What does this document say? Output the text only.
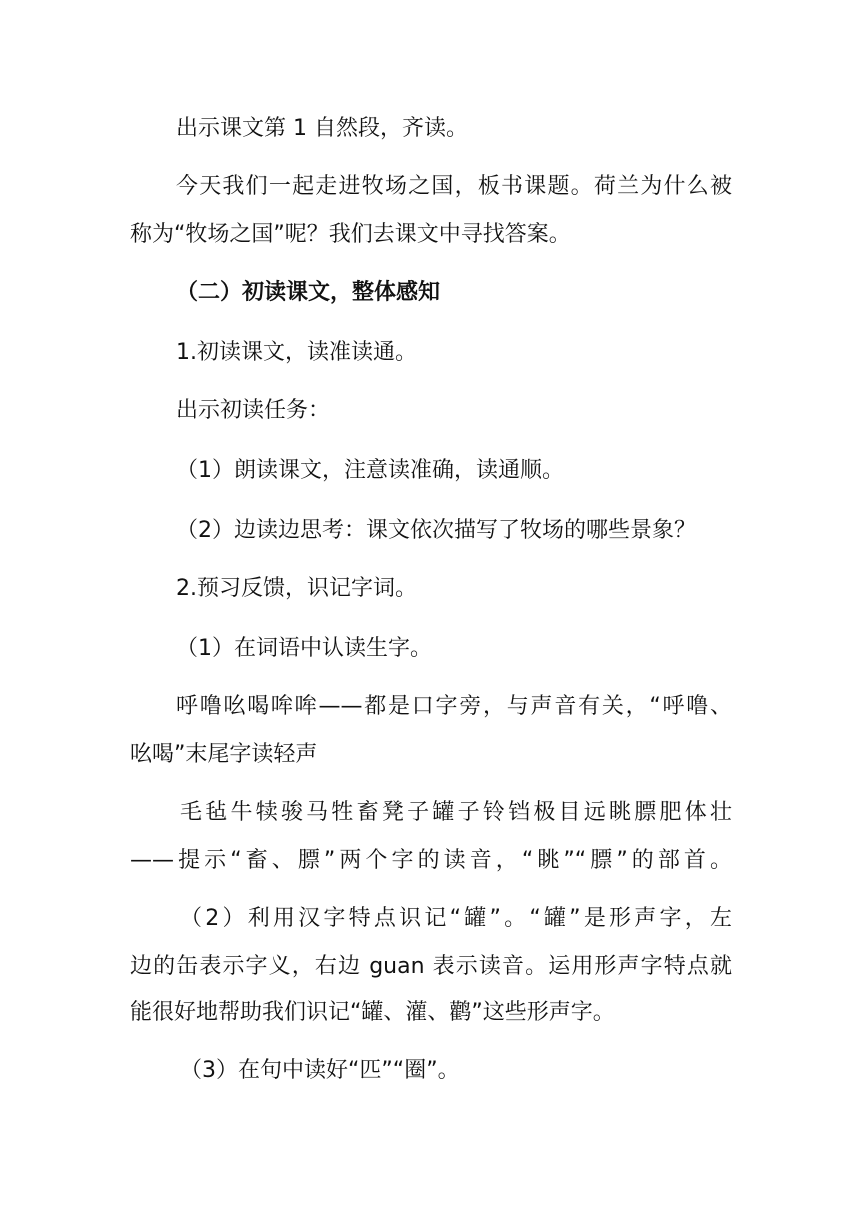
出示课文第 1 自然段，齐读。
今天我们一起走进牧场之国，板书课题。荷兰为什么被
称为“牧场之国”呢？我们去课文中寻找答案。
（二）初读课文，整体感知
1.初读课文，读准读通。
出示初读任务：
（1）朗读课文，注意读准确，读通顺。
（2）边读边思考：课文依次描写了牧场的哪些景象？
2.预习反馈，识记字词。
（1）在词语中认读生字。
呼噜吆喝哞哞——都是口字旁，与声音有关，“呼噜、
吆喝”末尾字读轻声
毛毡牛犊骏马牲畜凳子罐子铃铛极目远眺膘肥体壮
——提示“畜、膘”两个字的读音，“眺”“膘”的部首。
（2）利用汉字特点识记“罐”。“罐”是形声字，左
边的缶表示字义，右边 guan 表示读音。运用形声字特点就
能很好地帮助我们识记“罐、灌、鹳”这些形声字。
（3）在句中读好“匹”“圈”。
